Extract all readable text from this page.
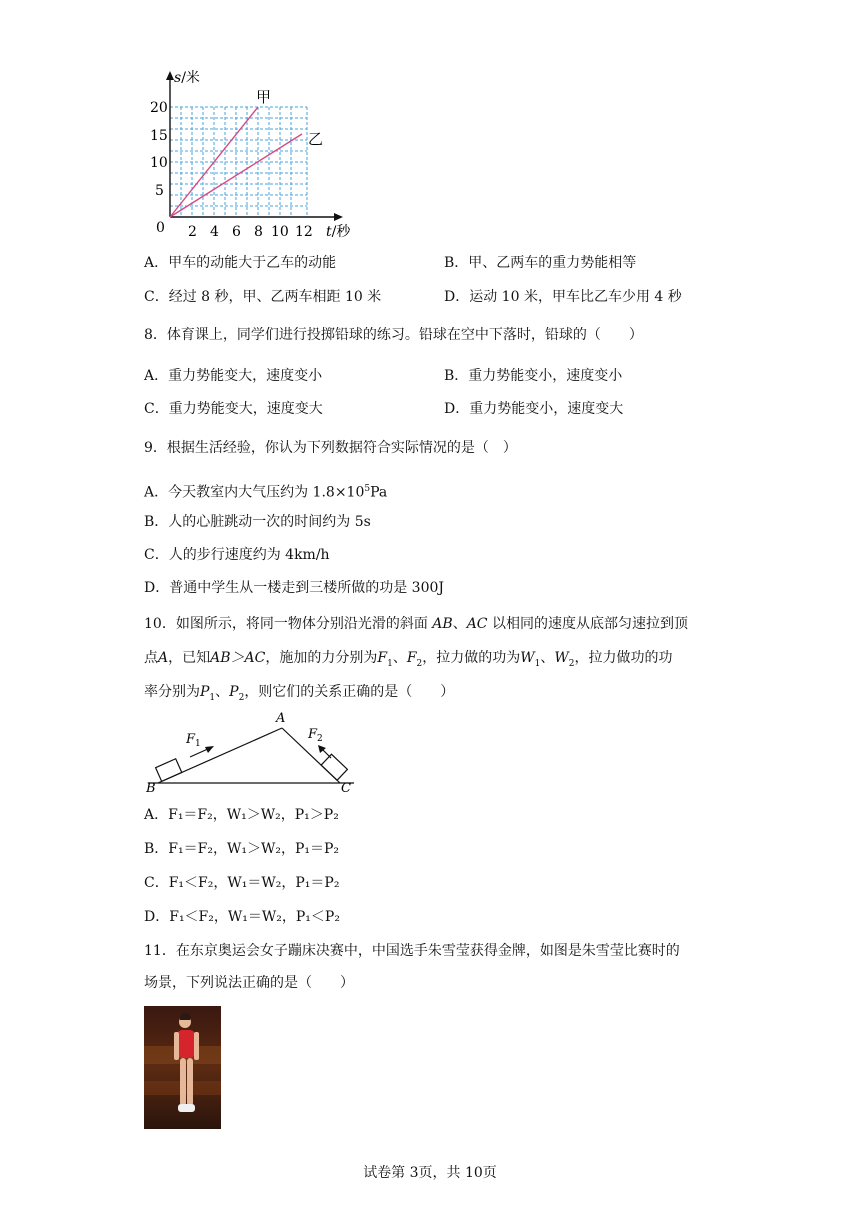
s/米
t/秒
0
20
15
10
5
2 4 6 8 10 12
甲
乙
A．甲车的动能大于乙车的动能	B．甲、乙两车的重力势能相等
C．经过 8 秒，甲、乙两车相距 10 米	D．运动 10 米，甲车比乙车少用 4 秒
8．体育课上，同学们进行投掷铅球的练习。铅球在空中下落时，铅球的（　　）
A．重力势能变大，速度变小	B．重力势能变小，速度变小
C．重力势能变大，速度变大	D．重力势能变小，速度变大
9．根据生活经验，你认为下列数据符合实际情况的是（　）
A．今天教室内大气压约为 $1.8\times 10^5Pa$
B．人的心脏跳动一次的时间约为 5s
C．人的步行速度约为 4km/h
D．普通中学生从一楼走到三楼所做的功是 300J
10．如图所示，将同一物体分别沿光滑的斜面 AB、AC 以相同的速度从底部匀速拉到顶
点A，已知AB＞AC，施加的力分别为$F_1$、$F_2$，拉力做的功为$W_1$、$W_2$，拉力做功的功
率分别为$P_1$、$P_2$，则它们的关系正确的是（　　）
A
B	C
$F_1$
$F_2$
A．F₁＝F₂，W₁＞W₂，P₁＞P₂
B．F₁＝F₂，W₁＞W₂，P₁＝P₂
C．F₁＜F₂，W₁＝W₂，P₁＝P₂
D．F₁＜F₂，W₁＝W₂，P₁＜P₂
11．在东京奥运会女子蹦床决赛中，中国选手朱雪莹获得金牌，如图是朱雪莹比赛时的
场景，下列说法正确的是（　　）
试卷第 3页，共 10页
